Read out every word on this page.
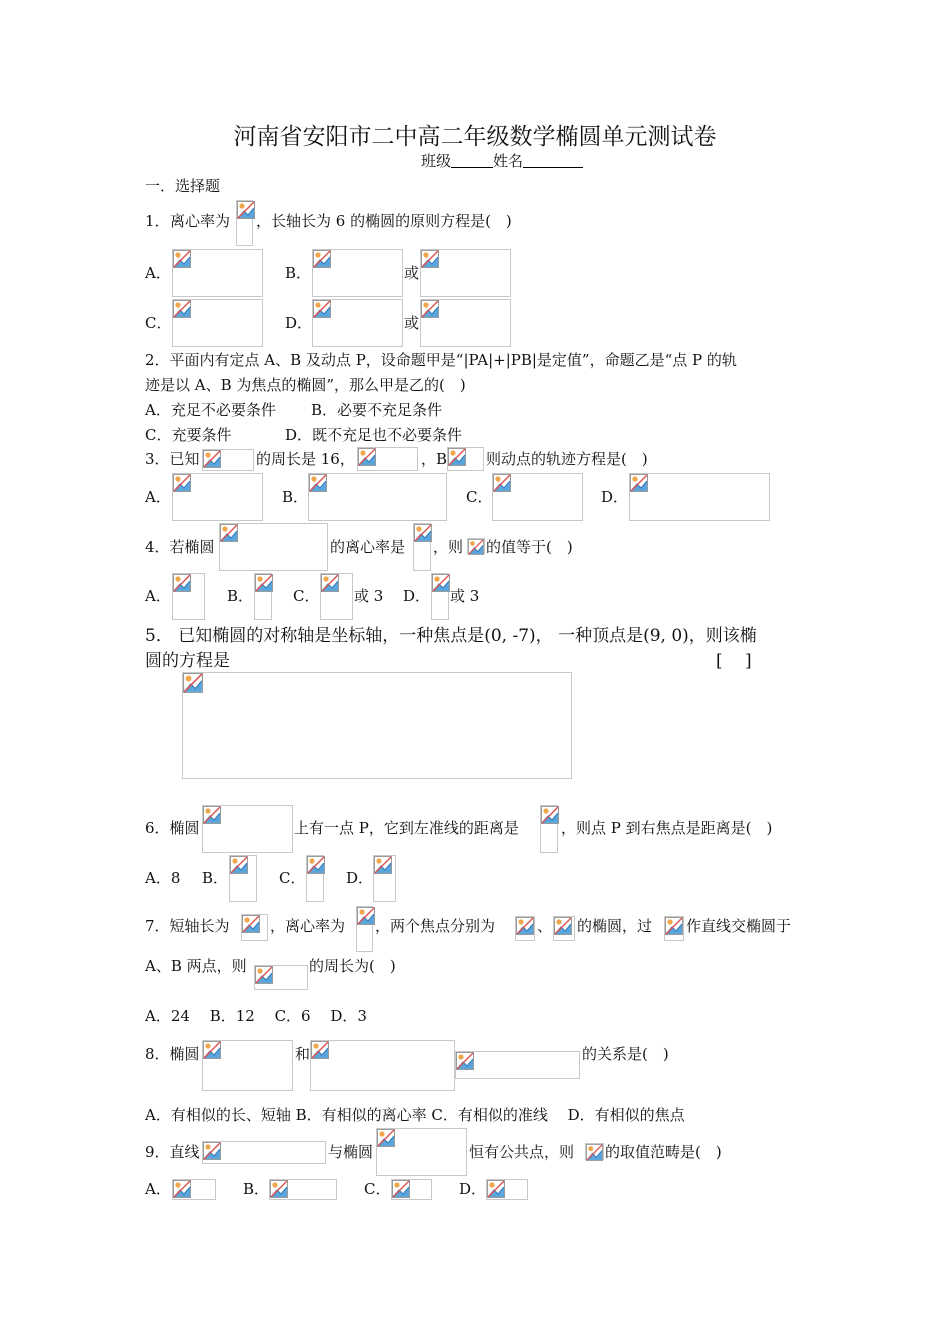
河南省安阳市二中高二年级数学椭圆单元测试卷
班级	姓名
一．选择题
1． 离心率为 ，长轴长为 6 的椭圆的原则方程是(　)
A．	B．	或
C．	D．	或
2．平面内有定点 A、B 及动点 P，设命题甲是“|PA|+|PB|是定值”，命题乙是“点 P 的轨
迹是以 A、B 为焦点的椭圆”，那么甲是乙的(　)
A．充足不必要条件 B．必要不充足条件
C．充要条件	D．既不充足也不必要条件
3．已知	的周长是 16，	，B	则动点的轨迹方程是(　)
A．	B．	C．	D．
4．若椭圆	的离心率是 ，则 的值等于(　)
A．	B．	C． 或 3 D． 或 3
5． 已知椭圆的对称轴是坐标轴，一种焦点是(0, -7)， 一种顶点是(9, 0)，则该椭
圆的方程是	[　 ]
6．椭圆	上有一点 P，它到左准线的距离是	，则点 P 到右焦点是距离是(　)
A．8 B．	C．	D．
7．短轴长为	，离心率为 ，两个焦点分别为	、 的椭圆，过 作直线交椭圆于
A、B 两点，则	的周长为(　)
A．24　 B．12　 C．6　 D．3
8．椭圆	和	的关系是(　)
A．有相似的长、短轴 B．有相似的离心率 C．有相似的准线　 D．有相似的焦点
9．直线	与椭圆	恒有公共点，则 的取值范畴是(　)
A．	B．	C．	D．
